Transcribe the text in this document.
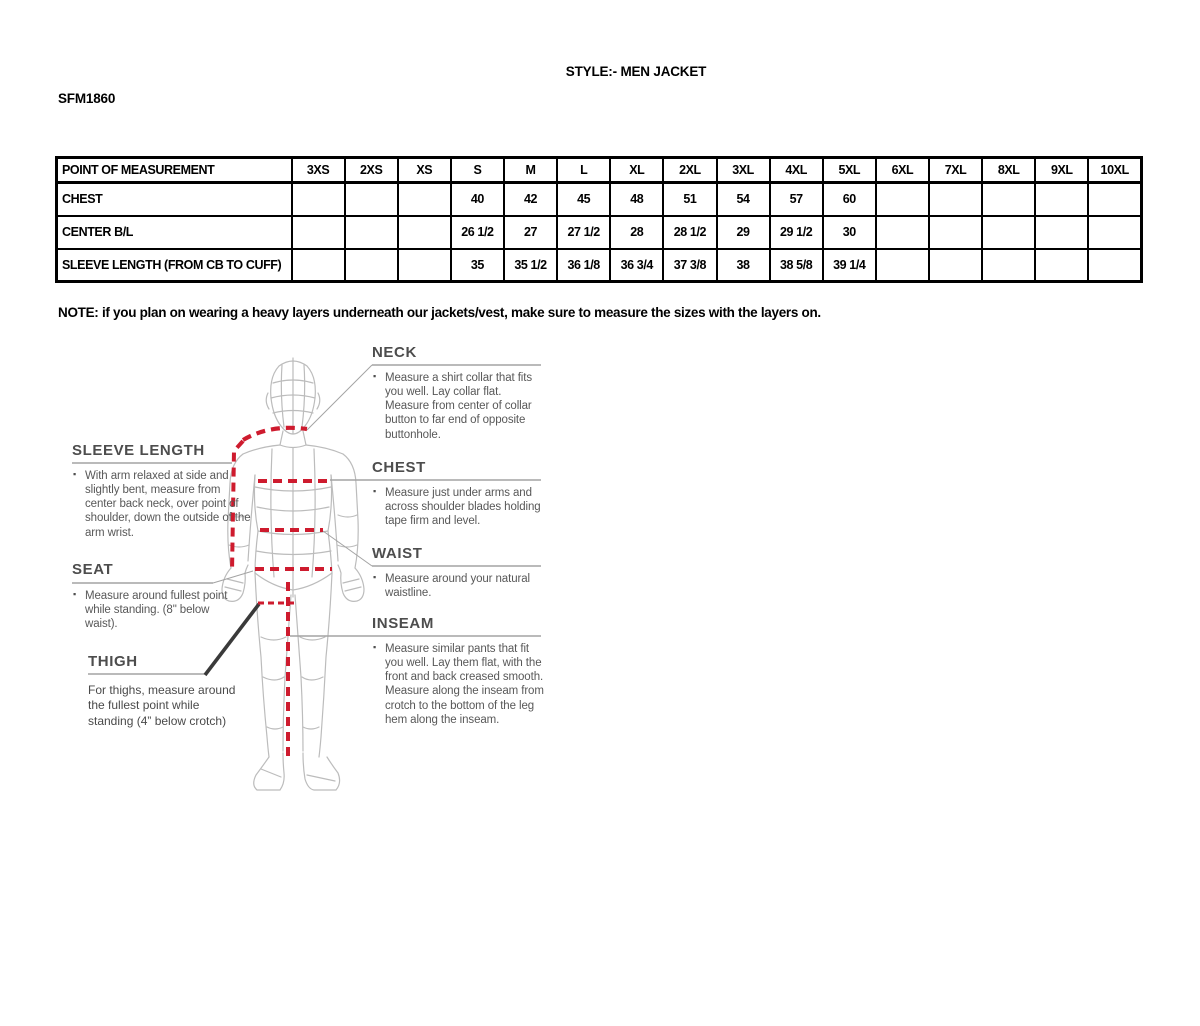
STYLE:- MEN JACKET
SFM1860
POINT OF MEASUREMENT	3XS	2XS	XS	S	M	L	XL	2XL	3XL	4XL	5XL	6XL	7XL	8XL	9XL	10XL
CHEST				40	42	45	48	51	54	57	60					
CENTER B/L				26 1/2	27	27 1/2	28	28 1/2	29	29 1/2	30					
SLEEVE LENGTH (FROM CB TO CUFF)				35	35 1/2	36 1/8	36 3/4	37 3/8	38	38 5/8	39 1/4					
NOTE: if you plan on wearing a heavy layers underneath our jackets/vest, make sure to measure the sizes with the layers on.
NECK
▪ Measure a shirt collar that fits you well. Lay collar flat. Measure from center of collar button to far end of opposite buttonhole.
CHEST
▪ Measure just under arms and across shoulder blades holding tape firm and level.
WAIST
▪ Measure around your natural waistline.
INSEAM
▪ Measure similar pants that fit you well. Lay them flat, with the front and back creased smooth. Measure along the inseam from crotch to the bottom of the leg hem along the inseam.
SLEEVE LENGTH
▪ With arm relaxed at side and slightly bent, measure from center back neck, over point of shoulder, down the outside of the arm wrist.
SEAT
▪ Measure around fullest point while standing. (8" below waist).
THIGH
For thighs, measure around the fullest point while standing (4” below crotch)
